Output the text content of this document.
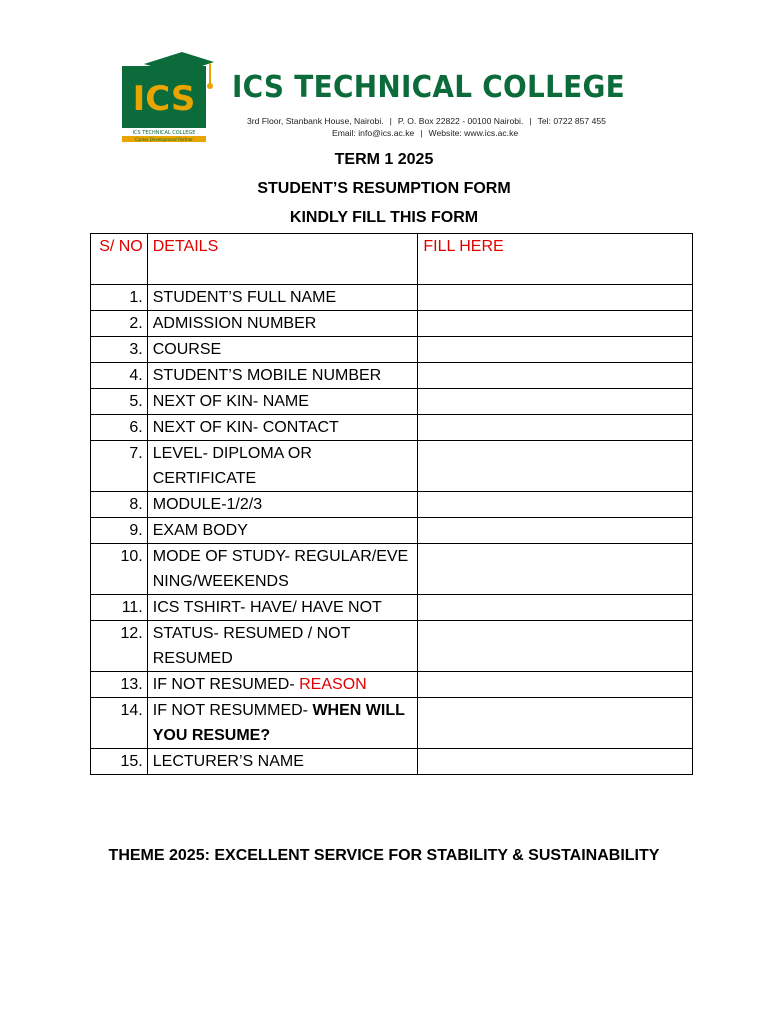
ICS
ICS TECHNICAL COLLEGE
Career Development Partner
ICS TECHNICAL COLLEGE
3rd Floor, Stanbank House, Nairobi. | P. O. Box 22822 - 00100 Nairobi. | Tel: 0722 857 455
Email: info@ics.ac.ke | Website: www.ics.ac.ke
TERM 1 2025
STUDENT’S RESUMPTION FORM
KINDLY FILL THIS FORM
S/ NO	DETAILS	FILL HERE
1.	STUDENT’S FULL NAME	
2.	ADMISSION NUMBER	
3.	COURSE	
4.	STUDENT’S MOBILE NUMBER	
5.	NEXT OF KIN- NAME	
6.	NEXT OF KIN- CONTACT	
7.	LEVEL- DIPLOMA OR CERTIFICATE	
8.	MODULE-1/2/3	
9.	EXAM BODY	
10.	MODE OF STUDY- REGULAR/EVENING/WEEKENDS	
11.	ICS TSHIRT- HAVE/ HAVE NOT	
12.	STATUS- RESUMED / NOT RESUMED	
13.	IF NOT RESUMED- REASON	
14.	IF NOT RESUMMED- WHEN WILL YOU RESUME?	
15.	LECTURER’S NAME	
THEME 2025: EXCELLENT SERVICE FOR STABILITY & SUSTAINABILITY
